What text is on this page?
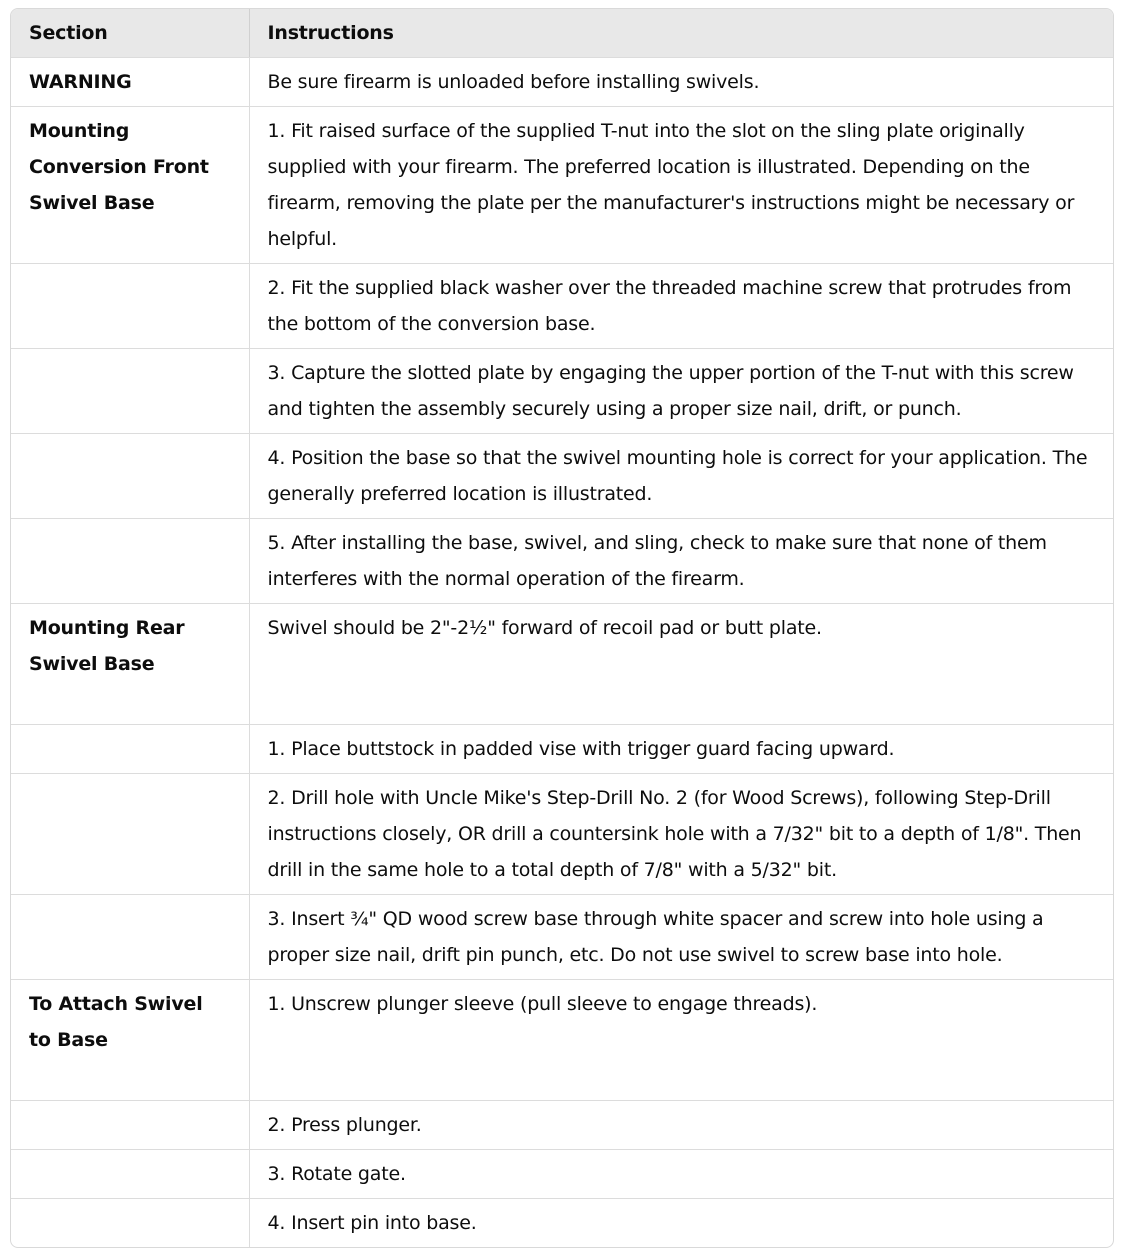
Section	Instructions
WARNING	Be sure firearm is unloaded before installing swivels.
Mounting Conversion Front Swivel Base	1. Fit raised surface of the supplied T-nut into the slot on the sling plate originally supplied with your firearm. The preferred location is illustrated. Depending on the firearm, removing the plate per the manufacturer's instructions might be necessary or helpful.
	2. Fit the supplied black washer over the threaded machine screw that protrudes from the bottom of the conversion base.
	3. Capture the slotted plate by engaging the upper portion of the T-nut with this screw and tighten the assembly securely using a proper size nail, drift, or punch.
	4. Position the base so that the swivel mounting hole is correct for your application. The generally preferred location is illustrated.
	5. After installing the base, swivel, and sling, check to make sure that none of them interferes with the normal operation of the firearm.
Mounting Rear Swivel Base	Swivel should be 2"-2½" forward of recoil pad or butt plate.
	1. Place buttstock in padded vise with trigger guard facing upward.
	2. Drill hole with Uncle Mike's Step-Drill No. 2 (for Wood Screws), following Step-Drill instructions closely, OR drill a countersink hole with a 7/32" bit to a depth of 1/8". Then drill in the same hole to a total depth of 7/8" with a 5/32" bit.
	3. Insert ¾" QD wood screw base through white spacer and screw into hole using a proper size nail, drift pin punch, etc. Do not use swivel to screw base into hole.
To Attach Swivel to Base	1. Unscrew plunger sleeve (pull sleeve to engage threads).
	2. Press plunger.
	3. Rotate gate.
	4. Insert pin into base.
